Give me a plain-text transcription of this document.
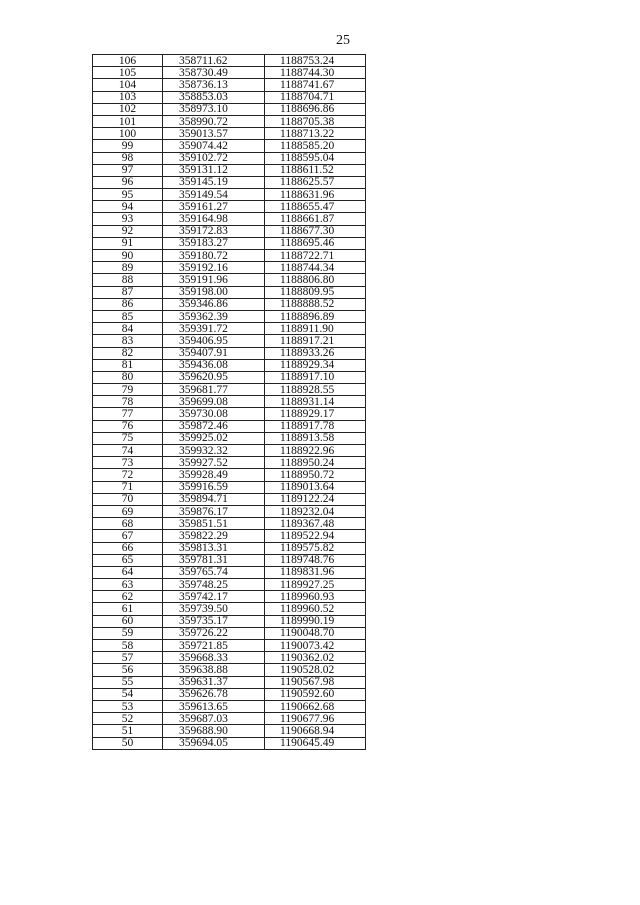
25
106	358711.62	1188753.24
105	358730.49	1188744.30
104	358736.13	1188741.67
103	358853.03	1188704.71
102	358973.10	1188696.86
101	358990.72	1188705.38
100	359013.57	1188713.22
99	359074.42	1188585.20
98	359102.72	1188595.04
97	359131.12	1188611.52
96	359145.19	1188625.57
95	359149.54	1188631.96
94	359161.27	1188655.47
93	359164.98	1188661.87
92	359172.83	1188677.30
91	359183.27	1188695.46
90	359180.72	1188722.71
89	359192.16	1188744.34
88	359191.96	1188806.80
87	359198.00	1188809.95
86	359346.86	1188888.52
85	359362.39	1188896.89
84	359391.72	1188911.90
83	359406.95	1188917.21
82	359407.91	1188933.26
81	359436.08	1188929.34
80	359620.95	1188917.10
79	359681.77	1188928.55
78	359699.08	1188931.14
77	359730.08	1188929.17
76	359872.46	1188917.78
75	359925.02	1188913.58
74	359932.32	1188922.96
73	359927.52	1188950.24
72	359928.49	1188950.72
71	359916.59	1189013.64
70	359894.71	1189122.24
69	359876.17	1189232.04
68	359851.51	1189367.48
67	359822.29	1189522.94
66	359813.31	1189575.82
65	359781.31	1189748.76
64	359765.74	1189831.96
63	359748.25	1189927.25
62	359742.17	1189960.93
61	359739.50	1189960.52
60	359735.17	1189990.19
59	359726.22	1190048.70
58	359721.85	1190073.42
57	359668.33	1190362.02
56	359638.88	1190528.02
55	359631.37	1190567.98
54	359626.78	1190592.60
53	359613.65	1190662.68
52	359687.03	1190677.96
51	359688.90	1190668.94
50	359694.05	1190645.49
